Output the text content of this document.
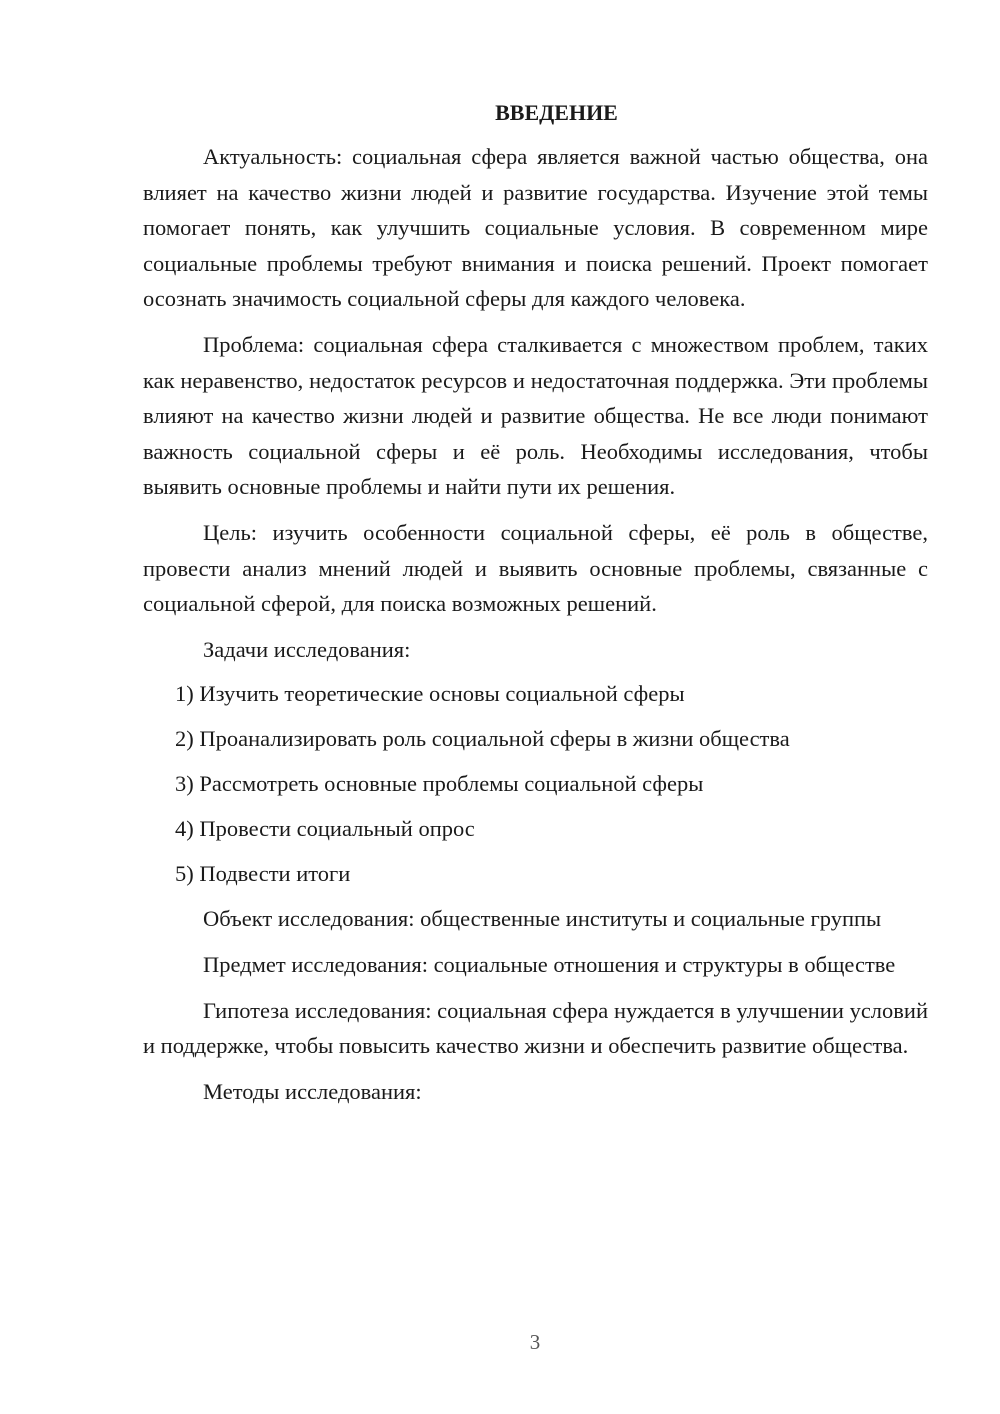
ВВЕДЕНИЕ

Актуальность: социальная сфера является важной частью общества, она влияет на качество жизни людей и развитие государства. Изучение этой темы помогает понять, как улучшить социальные условия. В современном мире социальные проблемы требуют внимания и поиска решений. Проект помогает осознать значимость социальной сферы для каждого человека.

Проблема: социальная сфера сталкивается с множеством проблем, таких как неравенство, недостаток ресурсов и недостаточная поддержка. Эти проблемы влияют на качество жизни людей и развитие общества. Не все люди понимают важность социальной сферы и её роль. Необходимы исследования, чтобы выявить основные проблемы и найти пути их решения.

Цель: изучить особенности социальной сферы, её роль в обществе, провести анализ мнений людей и выявить основные проблемы, связанные с социальной сферой, для поиска возможных решений.

Задачи исследования:

1) Изучить теоретические основы социальной сферы
2) Проанализировать роль социальной сферы в жизни общества
3) Рассмотреть основные проблемы социальной сферы
4) Провести социальный опрос
5) Подвести итоги

Объект исследования: общественные институты и социальные группы

Предмет исследования: социальные отношения и структуры в обществе

Гипотеза исследования: социальная сфера нуждается в улучшении условий и поддержке, чтобы повысить качество жизни и обеспечить развитие общества.

Методы исследования:

3
